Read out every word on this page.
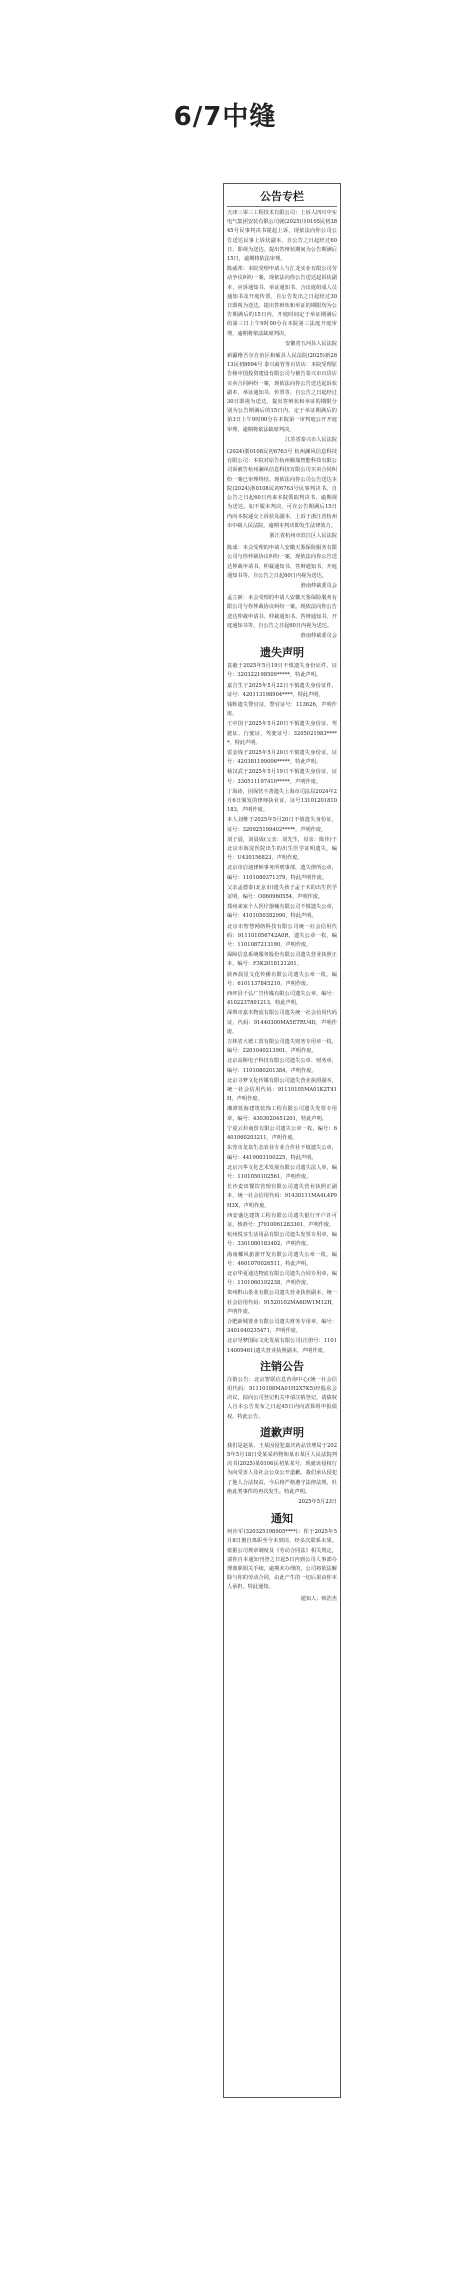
6/7中缝
公告专栏

天津三零三工程技术有限公司：上诉人四川中实电气集团安装有限公司就(2025)川0105民初3845号民事判决书提起上诉，现依法向你公司公告送达民事上诉状副本。自公告之日起经过60日，即视为送达。提出答辩状期间为公告期满后15日，逾期将依法审理。

陈威邦：本院受理申请人与汇龙实业有限公司劳动争议纠纷一案，现依法向你公告送达起诉状副本、应诉通知书、举证通知书、合议庭组成人员通知书及开庭传票。自公告发出之日起经过30日即视为送达。提出答辩状和举证的期限均为公告期满后的15日内，开庭时间定于举证期满后的第三日上午9时00分在本院第三法庭开庭审理，逾期将依法缺席判决。

安徽省五河县人民法院

新疆维吾尔自治区和硕县人民法院(2025)新2813民初8694号 泰兴商管等百货店：本院受理原告杨中国投资建设有限公司与被告泰兴市百货店买卖合同纠纷一案，现依法向你公告送达起诉状副本、举证通知书、传票等。自公告之日起经过30日即视为送达。提出答辩状和举证的期限分别为公告期满后的15日内。定于举证期满后的第3日上午9时00分在本院第一审判庭公开开庭审理，逾期将依法缺席判决。

江苏省泰兴市人民法院

(2024)浙0108民初6763号 杭州澜风信息科技有限公司：本院对原告杭州顺瑞智能科技有限公司诉被告杭州澜风信息科技有限公司买卖合同纠纷一案已审理终结。现依法向你公司公告送达本院(2024)浙0108民初6763号民事判决书。自公告之日起60日内来本院领取判决书，逾期视为送达。如不服本判决，可在公告期满后15日内向本院递交上诉状及副本，上诉于浙江省杭州市中级人民法院。逾期本判决即发生法律效力。

浙江省杭州市滨江区人民法院

陈成：本会受理的申请人安徽天鉴保险服务有限公司与你仲裁协议纠纷一案，现依法向你公告送达仲裁申请书、仲裁通知书、答辩通知书、开庭通知书等。自公告之日起60日内视为送达。

淮南仲裁委员会

孟立新：本会受理的申请人安徽天鉴保险服务有限公司与你仲裁协议纠纷一案，现依法向你公告送达仲裁申请书、仲裁通知书、答辩通知书、开庭通知书等。自公告之日起60日内视为送达。

淮南仲裁委员会

遗失声明

袁毅于2025年5月19日不慎遗失身份证件，证号：320322198509*****，特此声明。

嘉吉生于2025年5月22日不慎遗失身份证件，证号：420113198904****，特此声明。

钱辉遗失警官证，警官证号：113626，声明作废。

王中国于2025年5月20日不慎遗失身份证、驾驶证、行驶证，驾驶证号：3205021983*****，特此声明。

雷金钱于2025年5月20日不慎遗失身份证，证号：420381199006*****，特此声明。

杨汉武于2025年5月19日不慎遗失身份证，证号：330511197410*****，声明作废。

丁海涛，因保管不善遗失上海市司法局2024年2月6日颁发的律师执业证，证号13101201810183，声明作废。

本人刘维于2025年5月20日不慎遗失身份证，证号：320925199402*****，声明作废。

刘子晨，刘晨成(父亲：刘先生，母亲：陈佳)于北京市海淀医院出生的出生医学证明遗失，编号：U430156823，声明作废。

北京市启迪律师事务所刑事部，遗失律所公章，编号：1101080371379，特此声明作废。

父亲孟德泰(北京市)遗失孩子孟子木的出生医学证明，编号：O060960554，声明作废。

郑州来家个人医疗器械有限公司不慎遗失公章，编号：4101050382990，特此声明。

北京市智慧网络科技有限公司统一社会信用代码：911101056742A0R，遗失公章一枚，编号：1101087213190，声明作废。

保障信息系统服务股份有限公司遗失营业执照正本，编号：F3K2018121201。

陕西晨星文化传播有限公司遗失公章一枚，编号：6101137845210，声明作废。

西坪县千弘广告传媒有限公司遗失公章，编号：4102237801213，特此声明。

深圳市嘉木物流有限公司遗失统一社会信用代码证，代码：91440300MA5ETRU4D，声明作废。

吉林省大德工贸有限公司遗失财务专用章一枚，编号：2201040213901，声明作废。

北京高斯电子科技有限公司遗失公章、财务章，编号：1101080201384，声明作废。

北京寻梦文化传媒有限公司遗失营业执照副本，统一社会信用代码：91110105MA01K2T41H，声明作废。

湘潭蓝海建筑装饰工程有限公司遗失发票专用章，编号：4303020451201，特此声明。

宁夏云杉商贸有限公司遗失公章一枚，编号：6401060203211，声明作废。

东莞市龙泉生态农业专业合作社不慎遗失公章，编号：4419003100225，特此声明。

北京兴华文化艺术发展有限公司遗失法人章，编号：1101050102561，声明作废。

长沙麦田餐饮管理有限公司遗失营业执照正副本，统一社会信用代码：91430111MA4L4P9H3X，声明作废。

西安盛达建筑工程有限公司遗失银行开户许可证，核准号：J7910061283301，声明作废。

杭州悦享生活用品有限公司遗失发票专用章，编号：3301080183402，声明作废。

海南椰风旅游开发有限公司遗失公章一枚，编号：4601070026511，特此声明。

北京华夏通达物流有限公司遗失合同专用章，编号：1101060192238，声明作废。

贵州黔山茶业有限公司遗失营业执照副本，统一社会信用代码：91520102MA6DW1M12H，声明作废。

合肥新城置业有限公司遗失财务专用章，编号：3401040235471，声明作废。

北京导梦国际文化发展有限公司(注册号：110114009461)遗失营业执照副本，声明作废。

注销公告

注销公告：北京智联信息咨询中心(统一社会信用代码：91110108MA01H2X7K5)经股东会决议，拟向公司登记机关申请注销登记，请债权人自本公告发布之日起45日内向清算组申报债权。特此公告。

道歉声明

我们是赵某、王某因侵犯嘉庆药品管理局于2025年5月18日受某采药物和某市某区人民法院判决书(2025)某0106民初某某号，现就该侵权行为向受害人及社会公众公开道歉。我们承认侵犯了他人合法权益，今后将严格遵守法律法规，杜绝此类事件的再次发生。特此声明。

2025年5月23日

通知

何沙军(320325198905****)：你于2025年5月8日擅自离职至今未到岗，经多次联系未果。依据公司规章制度及《劳动合同法》相关规定，请你自本通知刊登之日起5日内到公司人事部办理离职相关手续，逾期未办理的，公司将依法解除与你的劳动合同，由此产生的一切后果由你本人承担。特此通知。

通知人：韩浩杰
